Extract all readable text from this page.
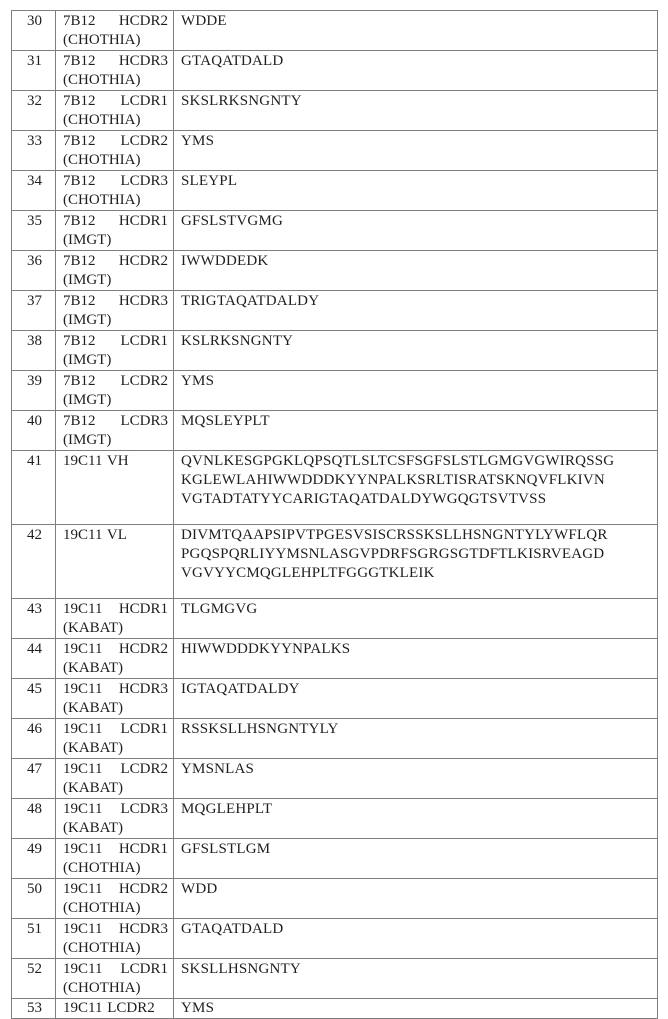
30	7B12 HCDR2 (CHOTHIA)	WDDE
31	7B12 HCDR3 (CHOTHIA)	GTAQATDALD
32	7B12 LCDR1 (CHOTHIA)	SKSLRKSNGNTY
33	7B12 LCDR2 (CHOTHIA)	YMS
34	7B12 LCDR3 (CHOTHIA)	SLEYPL
35	7B12 HCDR1 (IMGT)	GFSLSTVGMG
36	7B12 HCDR2 (IMGT)	IWWDDEDK
37	7B12 HCDR3 (IMGT)	TRIGTAQATDALDY
38	7B12 LCDR1 (IMGT)	KSLRKSNGNTY
39	7B12 LCDR2 (IMGT)	YMS
40	7B12 LCDR3 (IMGT)	MQSLEYPLT
41	19C11 VH	QVNLKESGPGKLQPSQTLSLTCSFSGFSLSTLGMGVGWIRQSSG
KGLEWLAHIWWDDDKYYNPALKSRLTISRATSKNQVFLKIVN
VGTADTATYYCARIGTAQATDALDYWGQGTSVTVSS
42	19C11 VL	DIVMTQAAPSIPVTPGESVSISCRSSKSLLHSNGNTYLYWFLQR
PGQSPQRLIYYMSNLASGVPDRFSGRGSGTDFTLKISRVEAGD
VGVYYCMQGLEHPLTFGGGTKLEIK
43	19C11 HCDR1 (KABAT)	TLGMGVG
44	19C11 HCDR2 (KABAT)	HIWWDDDKYYNPALKS
45	19C11 HCDR3 (KABAT)	IGTAQATDALDY
46	19C11 LCDR1 (KABAT)	RSSKSLLHSNGNTYLY
47	19C11 LCDR2 (KABAT)	YMSNLAS
48	19C11 LCDR3 (KABAT)	MQGLEHPLT
49	19C11 HCDR1 (CHOTHIA)	GFSLSTLGM
50	19C11 HCDR2 (CHOTHIA)	WDD
51	19C11 HCDR3 (CHOTHIA)	GTAQATDALD
52	19C11 LCDR1 (CHOTHIA)	SKSLLHSNGNTY
53	19C11 LCDR2	YMS
